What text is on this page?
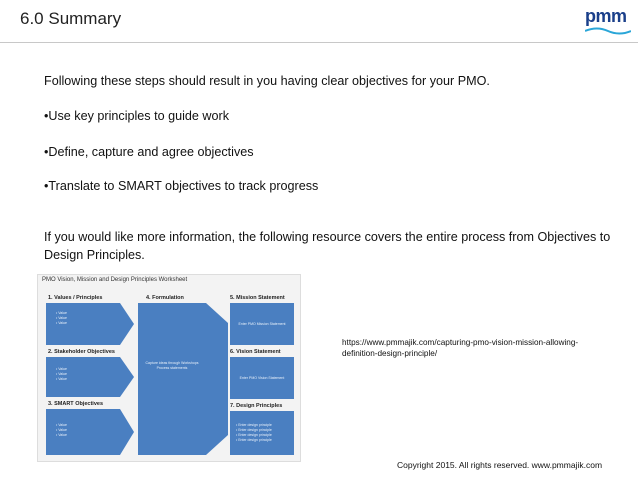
6.0 Summary	pmm
Following these steps should result in you having clear objectives for your PMO.
•Use key principles to guide work
•Define, capture and agree objectives
•Translate to SMART objectives to track progress
If you would like more information, the following resource covers the entire process from Objectives to Design Principles.
PMO Vision, Mission and Design Principles Worksheet
1. Values / Principles
• Value
• Value
• Value
2. Stakeholder Objectives
• Value
• Value
• Value
3. SMART Objectives
• Value
• Value
• Value
4. Formulation
Capture ideas through Workshops Process statements
5. Mission Statement
Enter PMO Mission Statement
6. Vision Statement
Enter PMO Vision Statement
7. Design Principles
• Enter design principle
• Enter design principle
• Enter design principle
• Enter design principle
https://www.pmmajik.com/capturing-pmo-vision-mission-allowing-definition-design-principle/
Copyright 2015. All rights reserved. www.pmmajik.com
